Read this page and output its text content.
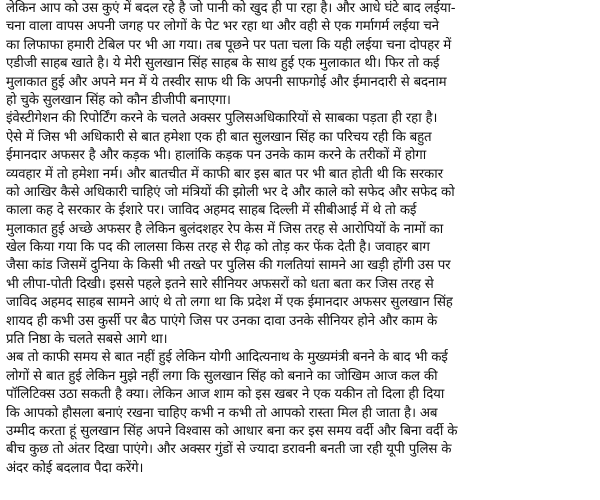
लेकिन आप को उस कुएं में बदल रहे है जो पानी को खुद ही पा रहा है। और आधे घंटे बाद लईया-
चना वाला वापस अपनी जगह पर लोगों के पेट भर रहा था और वही से एक गर्मागर्म लईया चने
का लिफाफा हमारी टेबिल पर भी आ गया। तब पूछने पर पता चला कि यही लईया चना दोपहर में
एडीजी साहब खाते है। ये मेरी सुलखान सिंह साहब के साथ हुई एक मुलाकात थी। फिर तो कई
मुलाकात हुई और अपने मन में ये तस्वीर साफ थी कि अपनी साफगोई और ईमानदारी से बदनाम
हो चुके सुलखान सिंह को कौन डीजीपी बनाएगा।
इंवेस्टीगेशन की रिपोर्टिंग करने के चलते अक्सर पुलिसअधिकारियों से साबका पड़ता ही रहा है।
ऐसे में जिस भी अधिकारी से बात हमेशा एक ही बात सुलखान सिंह का परिचय रही कि बहुत
ईमानदार अफसर है और कड़क भी। हालांकि कड़क पन उनके काम करने के तरीकों में होगा
व्यवहार में तो हमेशा नर्म। और बातचीत में काफी बार इस बात पर भी बात होती थी कि सरकार
को आखिर कैसे अधिकारी चाहिएं जो मंत्रियों की झोली भर दे और काले को सफेद और सफेद को
काला कह दे सरकार के ईशारे पर। जाविद अहमद साहब दिल्ली में सीबीआई में थे तो कई
मुलाकात हुई अच्छे अफसर है लेकिन बुलंदशहर रेप केस में जिस तरह से आरोपियों के नामों का
खेल किया गया कि पद की लालसा किस तरह से रीढ़ को तोड़ कर फेंक देती है। जवाहर बाग
जैसा कांड जिसमें दुनिया के किसी भी तख्ते पर पुलिस की गलतियां सामने आ खड़ी होंगी उस पर
भी लीपा-पोती दिखी। इससे पहले इतने सारे सीनियर अफसरों को धता बता कर जिस तरह से
जाविद अहमद साहब सामने आएं थे तो लगा था कि प्रदेश में एक ईमानदार अफसर सुलखान सिंह
शायद ही कभी उस कुर्सी पर बैठ पाएंगे जिस पर उनका दावा उनके सीनियर होने और काम के
प्रति निष्ठा के चलते सबसे आगे था।
अब तो काफी समय से बात नहीं हुई लेकिन योगी आदित्यनाथ के मुख्यमंत्री बनने के बाद भी कई
लोगों से बात हुई लेकिन मुझे नहीं लगा कि सुलखान सिंह को बनाने का जोखिम आज कल की
पॉलिटिक्स उठा सकती है क्या। लेकिन आज शाम को इस खबर ने एक यकीन तो दिला ही दिया
कि आपको हौसला बनाएं रखना चाहिए कभी न कभी तो आपको रास्ता मिल ही जाता है। अब
उम्मीद करता हूं सुलखान सिंह अपने विश्वास को आधार बना कर इस समय वर्दी और बिना वर्दी के
बीच कुछ तो अंतर दिखा पाएंगे। और अक्सर गुंडों से ज्यादा डरावनी बनती जा रही यूपी पुलिस के
अंदर कोई बदलाव पैदा करेंगे।
